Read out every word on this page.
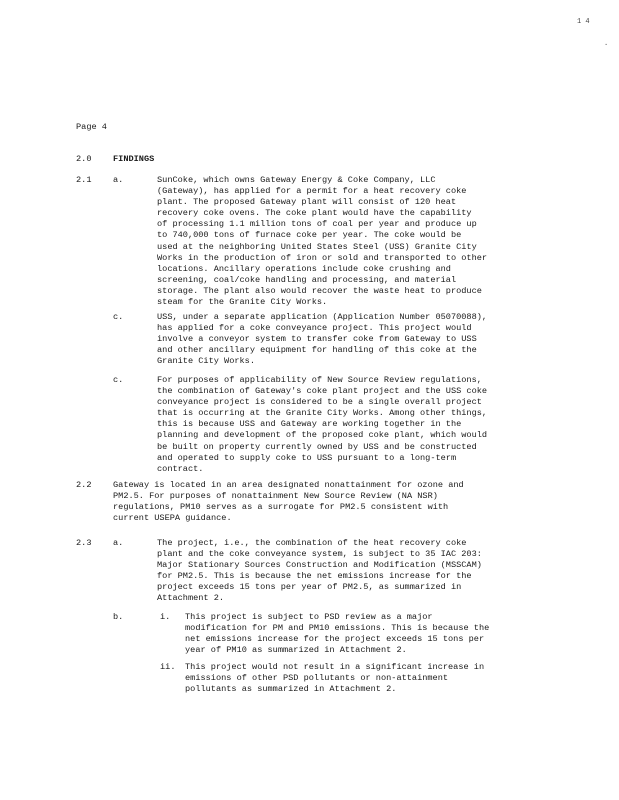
1 4
.
Page 4
2.0	FINDINGS
2.1	a.	SunCoke, which owns Gateway Energy & Coke Company, LLC
(Gateway), has applied for a permit for a heat recovery coke
plant. The proposed Gateway plant will consist of 120 heat
recovery coke ovens. The coke plant would have the capability
of processing 1.1 million tons of coal per year and produce up
to 740,000 tons of furnace coke per year. The coke would be
used at the neighboring United States Steel (USS) Granite City
Works in the production of iron or sold and transported to other
locations. Ancillary operations include coke crushing and
screening, coal/coke handling and processing, and material
storage. The plant also would recover the waste heat to produce
steam for the Granite City Works.
c.	USS, under a separate application (Application Number 05070088),
has applied for a coke conveyance project. This project would
involve a conveyor system to transfer coke from Gateway to USS
and other ancillary equipment for handling of this coke at the
Granite City Works.
c.	For purposes of applicability of New Source Review regulations,
the combination of Gateway's coke plant project and the USS coke
conveyance project is considered to be a single overall project
that is occurring at the Granite City Works. Among other things,
this is because USS and Gateway are working together in the
planning and development of the proposed coke plant, which would
be built on property currently owned by USS and be constructed
and operated to supply coke to USS pursuant to a long-term
contract.
2.2	Gateway is located in an area designated nonattainment for ozone and
PM2.5. For purposes of nonattainment New Source Review (NA NSR)
regulations, PM10 serves as a surrogate for PM2.5 consistent with
current USEPA guidance.
2.3	a.	The project, i.e., the combination of the heat recovery coke
plant and the coke conveyance system, is subject to 35 IAC 203:
Major Stationary Sources Construction and Modification (MSSCAM)
for PM2.5. This is because the net emissions increase for the
project exceeds 15 tons per year of PM2.5, as summarized in
Attachment 2.
b.	i. This project is subject to PSD review as a major
modification for PM and PM10 emissions. This is because the
net emissions increase for the project exceeds 15 tons per
year of PM10 as summarized in Attachment 2.
ii. This project would not result in a significant increase in
emissions of other PSD pollutants or non-attainment
pollutants as summarized in Attachment 2.
